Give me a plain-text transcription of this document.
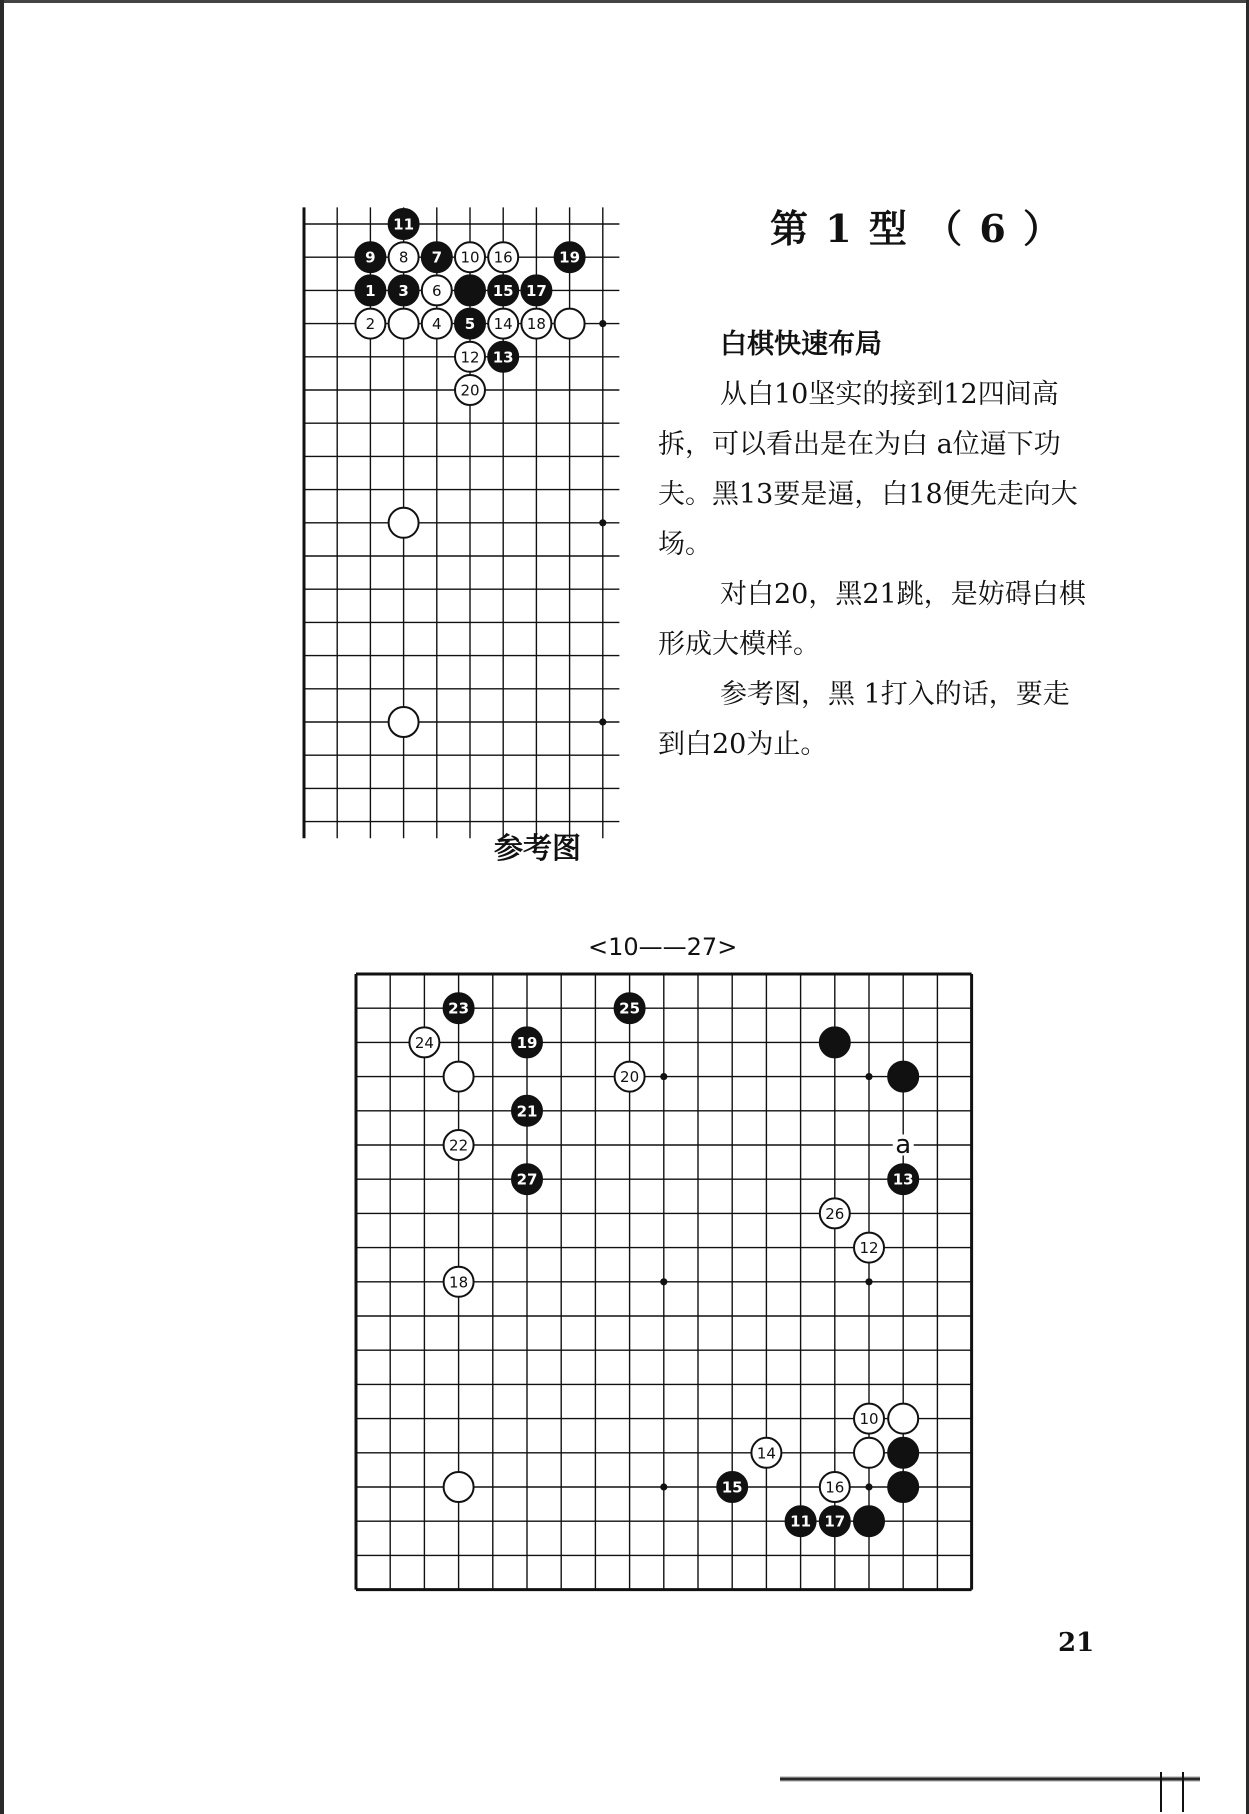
第 1 型 （ 6 ）
白棋快速布局

从白10坚实的接到12四间高拆，可以看出是在为白 a位逼下功夫。黑13要是逼，白18便先走向大场。

对白20，黑21跳，是妨碍白棋形成大模样。

参考图，黑 1打入的话，要走到白20为止。

11
9 8 7 10 16	19
1 3 6	15 17
2	4 5 14 18
12 13
20
参考图
<10——27>
a
23	25
24	19
20
21
22
27	13
26
12
18
10
14
15	16
11 17
21
